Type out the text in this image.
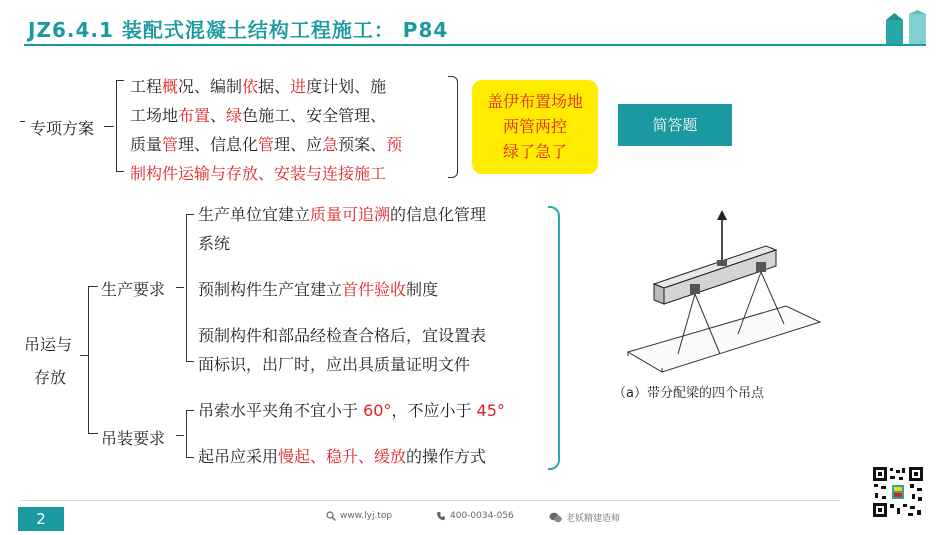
JZ6.4.1 装配式混凝土结构工程施工： P84
专项方案
工程概况、编制依据、进度计划、施
工场地布置、绿色施工、安全管理、
质量管理、信息化管理、应急预案、预
制构件运输与存放、安装与连接施工
盖伊布置场地
两管两控
绿了急了
简答题
吊运与
存放
生产要求
生产单位宜建立质量可追溯的信息化管理
系统
预制构件生产宜建立首件验收制度
预制构件和部品经检查合格后，宜设置表
面标识，出厂时，应出具质量证明文件
吊装要求
吊索水平夹角不宜小于 60°，不应小于 45°
起吊应采用慢起、稳升、缓放的操作方式
（a）带分配梁的四个吊点
2	www.lyj.top	400-0034-056	老妖精建造师
